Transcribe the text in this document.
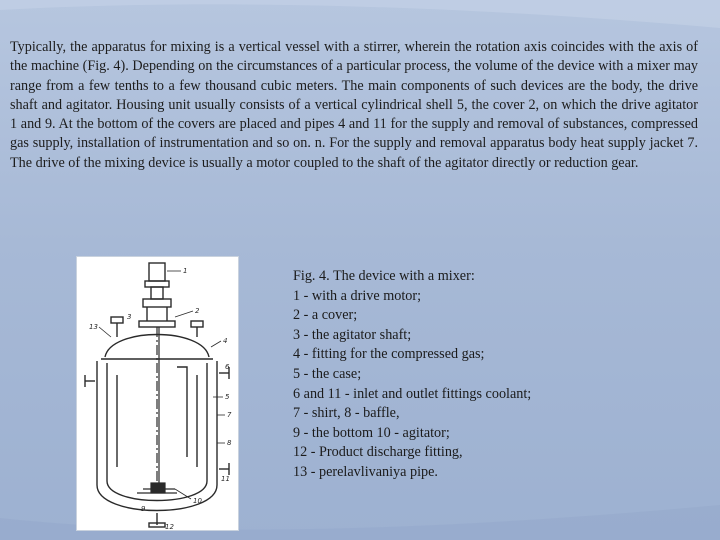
Typically, the apparatus for mixing is a vertical vessel with a stirrer, wherein the rotation axis coincides with the axis of the machine (Fig. 4). Depending on the circumstances of a particular process, the volume of the device with a mixer may range from a few tenths to a few thousand cubic meters. The main components of such devices are the body, the drive shaft and agitator. Housing unit usually consists of a vertical cylindrical shell 5, the cover 2, on which the drive agitator 1 and 9. At the bottom of the covers are placed and pipes 4 and 11 for the supply and removal of substances, compressed gas supply, installation of instrumentation and so on. n. For the supply and removal apparatus body heat supply jacket 7. The drive of the mixing device is usually a motor coupled to the shaft of the agitator directly or reduction gear.

1
2
4
5
7
8
10
13
3
6
9
11
12
Fig. 4. The device with a mixer:
1 - with a drive motor;
2 - a cover;
3 - the agitator shaft;
4 - fitting for the compressed gas;
5 - the case;
6 and 11 - inlet and outlet fittings coolant;
7 - shirt, 8 - baffle,
9 - the bottom 10 - agitator;
12 - Product discharge fitting,
13 - perelavlivaniya pipe.
